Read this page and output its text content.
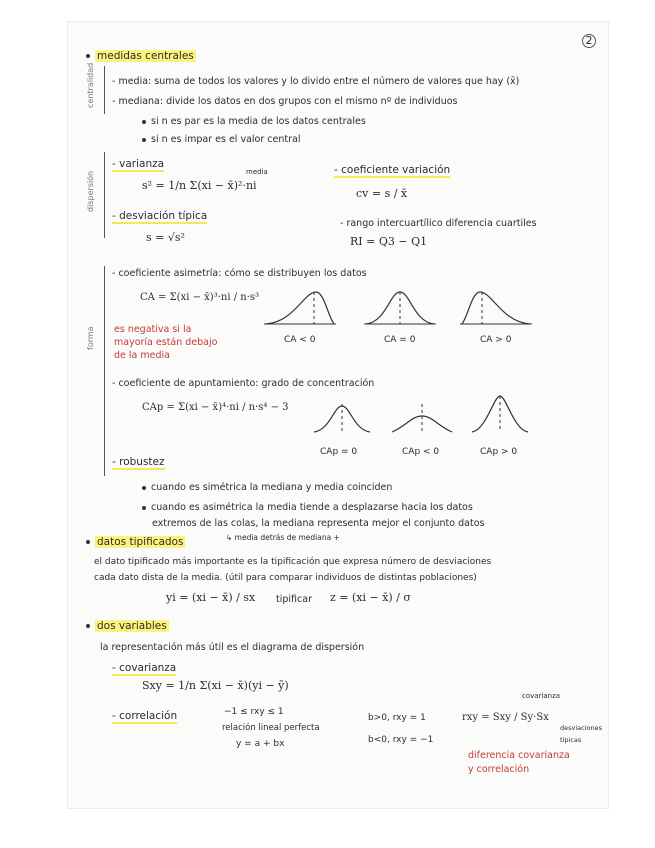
2
centralidad
dispersión
forma
medidas centrales
- media: suma de todos los valores y lo divido entre el número de valores que hay (x̄)
- mediana: divide los datos en dos grupos con el mismo nº de individuos
si n es par es la media de los datos centrales
si n es impar es el valor central
- varianza
s² = 1/n Σ(xi − x̄)²·ni
media
- desviación típica
s = √s²
- coeficiente variación
cv = s / x̄
- rango intercuartílico diferencia cuartiles
RI = Q3 − Q1
- coeficiente asimetría: cómo se distribuyen los datos
CA = Σ(xi − x̄)³·ni / n·s³
es negativa si la
mayoría están debajo
de la media
CA < 0	CA = 0	CA > 0
- coeficiente de apuntamiento: grado de concentración
CAp = Σ(xi − x̄)⁴·ni / n·s⁴ − 3
CAp = 0	CAp < 0	CAp > 0
- robustez
cuando es simétrica la mediana y media coinciden
cuando es asimétrica la media tiende a desplazarse hacia los datos
extremos de las colas, la mediana representa mejor el conjunto datos
↳ media detrás de mediana +
datos tipificados
el dato tipificado más importante es la tipificación que expresa número de desviaciones
cada dato dista de la media. (útil para comparar individuos de distintas poblaciones)
yi = (xi − x̄) / sx tipificar z = (xi − x̄) / σ
dos variables
la representación más útil es el diagrama de dispersión
- covarianza
Sxy = 1/n Σ(xi − x̄)(yi − ȳ)
- correlación	−1 ≤ rxy ≤ 1
relación lineal perfecta
y = a + bx
b>0, rxy = 1
b<0, rxy = −1
rxy = Sxy / Sy·Sx
covarianza
desviaciones típicas
diferencia covarianza
y correlación
